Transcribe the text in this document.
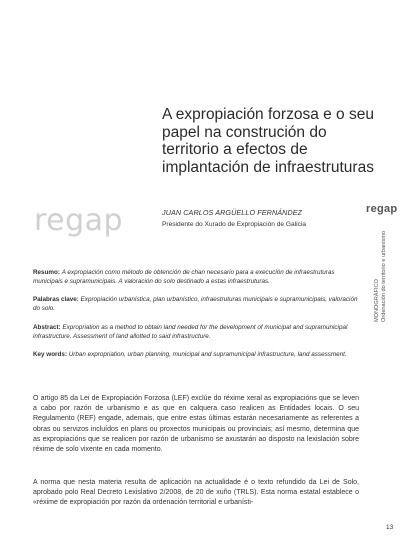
A expropiación forzosa e o seu papel na construción do territorio a efectos de implantación de infraestruturas
regap	JUAN CARLOS ARGÜELLO FERNÁNDEZ
Presidente do Xurado de Expropiación de Galicia
regap
MONOGRÁFICO Ordenación do territorio e urbanismo

Resumo: A expropiación como método de obtención de chan necesario para a execución de infraestruturas municipais e supramunicipais. A valoración do solo destinado a estas infraestruturas.

Palabras clave: Expropiación urbanística, plan urbanístico, infraestruturas municipais e supramunicipais, valoración do solo.

Abstract: Expropriation as a method to obtain land needed for the development of municipal and supramunicipal infrastructure. Assessment of land allotted to said infrastructure.

Key words: Urban expropriation, urban planning, municipal and supramunicipal infrastructure, land assessment.

O artigo 85 da Lei de Expropiación Forzosa (LEF) exclúe do réxime xeral as expropiacións que se leven a cabo por razón de urbanismo e as que en calquera caso realicen as Entidades locais. O seu Regulamento (REF) engade, ademais, que entre estas últimas estarán necesariamente as referentes a obras ou servizos incluídos en plans ou proxectos municipais ou provinciais; así mesmo, determina que as expropiacións que se realicen por razón de urbanismo se axustarán ao disposto na lexislación sobre réxime de solo vixente en cada momento.

A norma que nesta materia resulta de aplicación na actualidade é o texto refundido da Lei de Solo, aprobado polo Real Decreto Lexislativo 2/2008, de 20 de xuño (TRLS). Esta norma estatal establece o «réxime de expropiación por razón da ordenación territorial e urbanísti-

13
